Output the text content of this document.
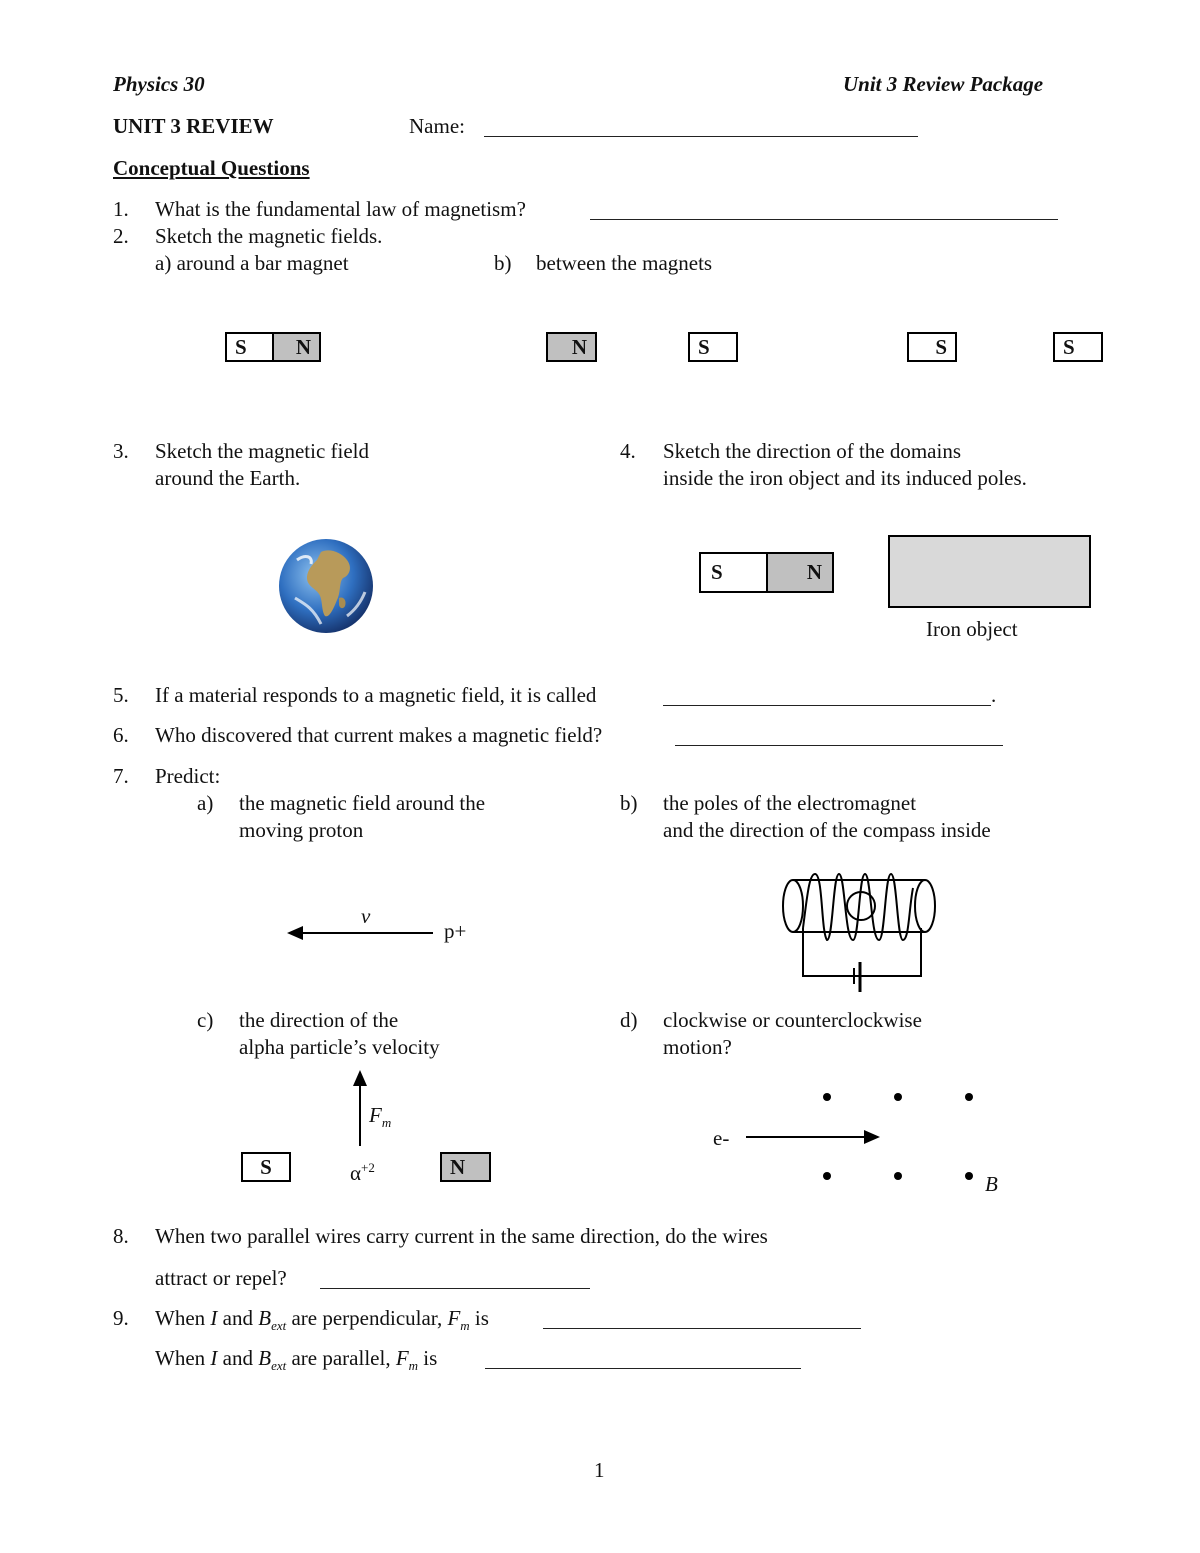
Physics 30	Unit 3 Review Package
UNIT 3 REVIEW	Name:
Conceptual Questions
1. What is the fundamental law of magnetism?
2. Sketch the magnetic fields.
a) around a bar magnet	b) between the magnets
S	N	N	S	S	S
3. Sketch the magnetic field
around the Earth.
4. Sketch the direction of the domains
inside the iron object and its induced poles.
S	N
Iron object
5. If a material responds to a magnetic field, it is called	.
6. Who discovered that current makes a magnetic field?
7. Predict:
a) the magnetic field around the
moving proton
b) the poles of the electromagnet
and the direction of the compass inside
v
p+
c) the direction of the
alpha particle’s velocity
$F_m$
$\alpha^{+2}$
S	N
d) clockwise or counterclockwise
motion?
e-
B
8. When two parallel wires carry current in the same direction, do the wires
attract or repel?
9. When I and $B_{ext}$ are perpendicular, $F_m$ is
When I and $B_{ext}$ are parallel, $F_m$ is
1
